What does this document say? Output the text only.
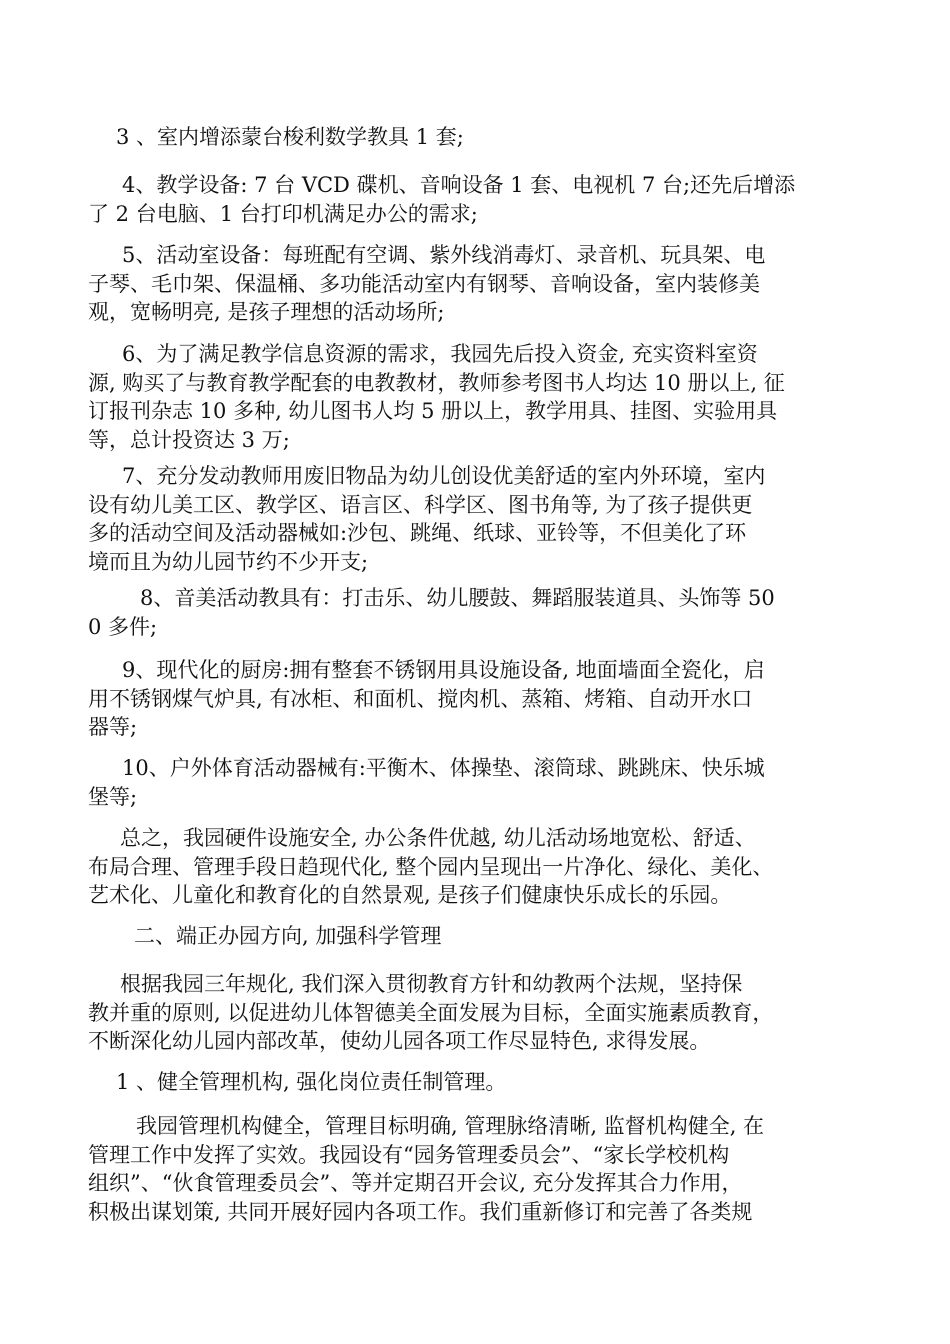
3 、室内增添蒙台梭利数学教具 1 套;

4、教学设备: 7 台 VCD 碟机、音响设备 1 套、电视机 7 台;还先后增添
了 2 台电脑、1 台打印机满足办公的需求;

5、活动室设备：每班配有空调、紫外线消毒灯、录音机、玩具架、电
子琴、毛巾架、保温桶、多功能活动室内有钢琴、音响设备，室内装修美
观，宽畅明亮, 是孩子理想的活动场所;

6、为了满足教学信息资源的需求，我园先后投入资金, 充实资料室资
源, 购买了与教育教学配套的电教教材，教师参考图书人均达 10 册以上, 征
订报刊杂志 10 多种, 幼儿图书人均 5 册以上，教学用具、挂图、实验用具
等，总计投资达 3 万;

7、充分发动教师用废旧物品为幼儿创设优美舒适的室内外环境，室内
设有幼儿美工区、教学区、语言区、科学区、图书角等, 为了孩子提供更
多的活动空间及活动器械如:沙包、跳绳、纸球、亚铃等，不但美化了环
境而且为幼儿园节约不少开支;

8、音美活动教具有：打击乐、幼儿腰鼓、舞蹈服装道具、头饰等 50
0 多件;

9、现代化的厨房:拥有整套不锈钢用具设施设备, 地面墙面全瓷化，启
用不锈钢煤气炉具, 有冰柜、和面机、搅肉机、蒸箱、烤箱、自动开水口
器等;

10、户外体育活动器械有:平衡木、体操垫、滚筒球、跳跳床、快乐城
堡等;

总之，我园硬件设施安全, 办公条件优越, 幼儿活动场地宽松、舒适、
布局合理、管理手段日趋现代化, 整个园内呈现出一片净化、绿化、美化、
艺术化、儿童化和教育化的自然景观, 是孩子们健康快乐成长的乐园。

二、端正办园方向, 加强科学管理

根据我园三年规化, 我们深入贯彻教育方针和幼教两个法规，坚持保
教并重的原则, 以促进幼儿体智德美全面发展为目标，全面实施素质教育，
不断深化幼儿园内部改革，使幼儿园各项工作尽显特色, 求得发展。

1 、健全管理机构, 强化岗位责任制管理。

我园管理机构健全，管理目标明确, 管理脉络清晰, 监督机构健全, 在
管理工作中发挥了实效。我园设有“园务管理委员会”、“家长学校机构
组织”、“伙食管理委员会”、等并定期召开会议, 充分发挥其合力作用，
积极出谋划策, 共同开展好园内各项工作。我们重新修订和完善了各类规
